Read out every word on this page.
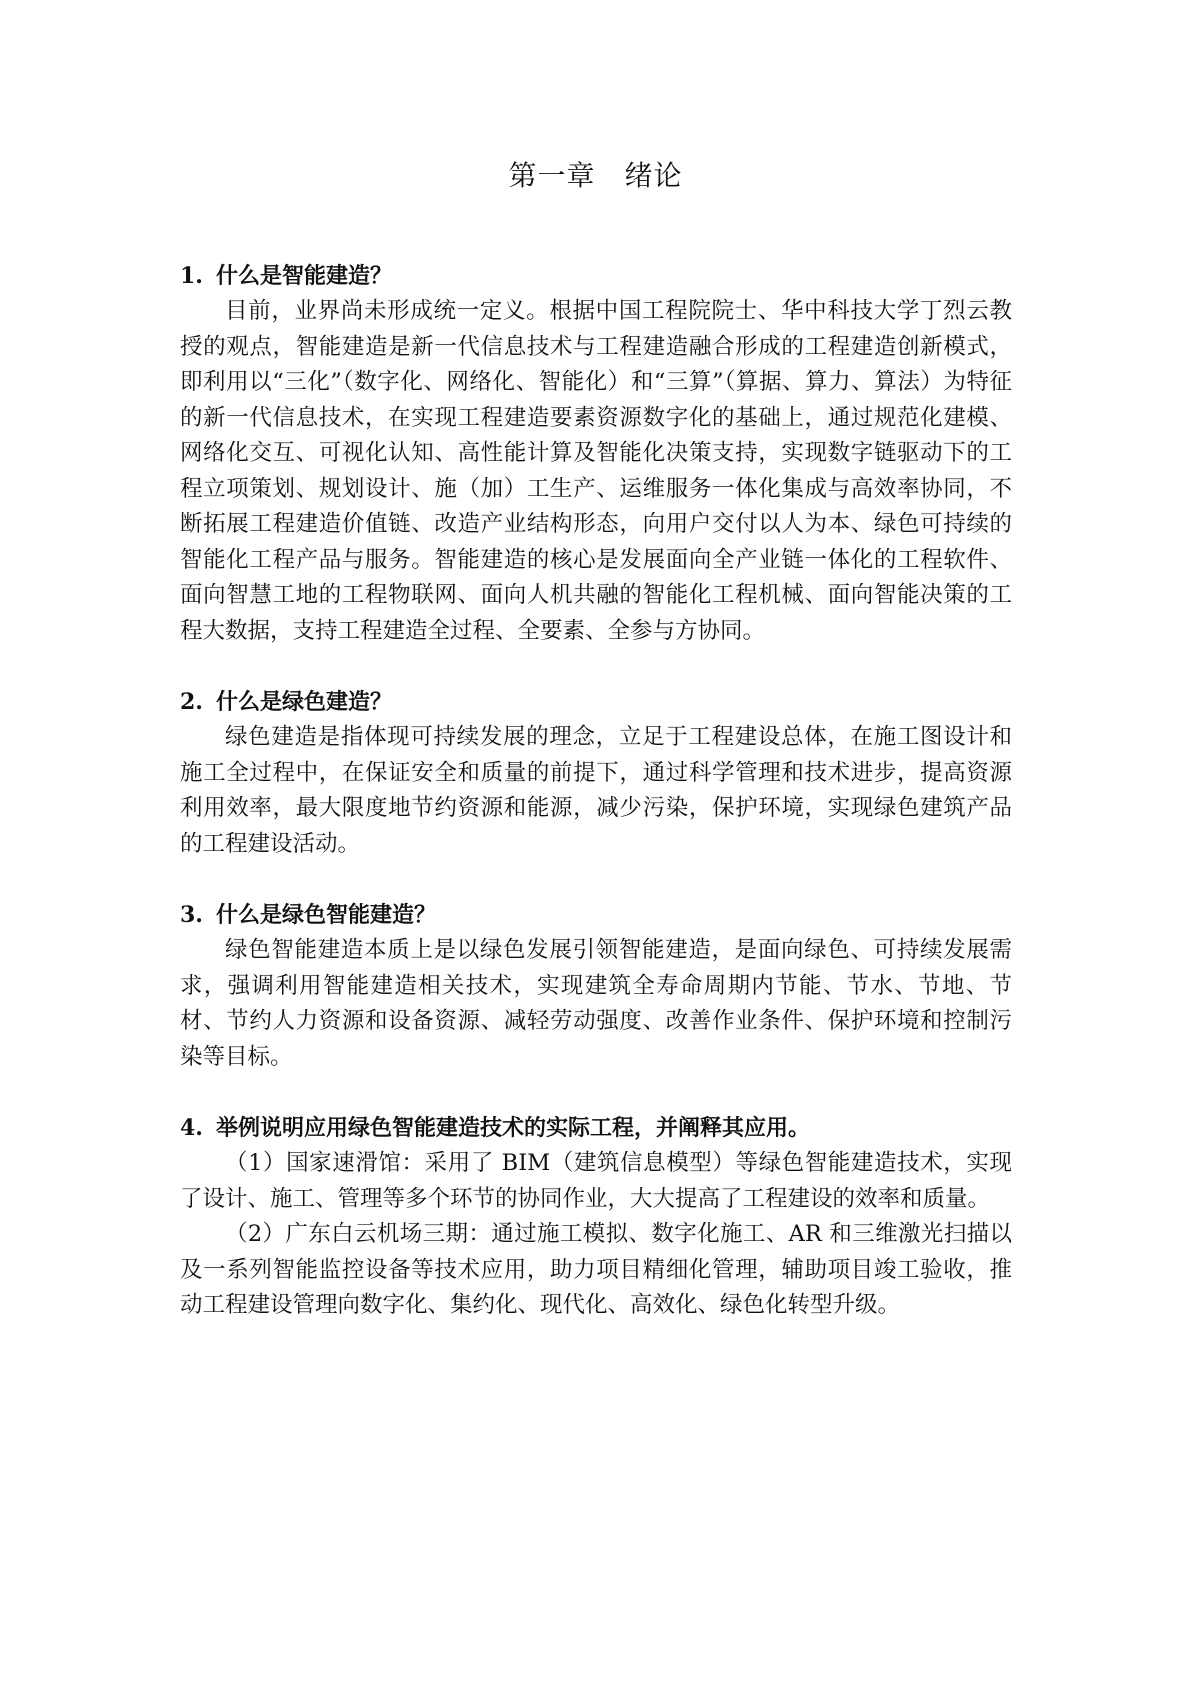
第一章　绪论

1. 什么是智能建造？

目前，业界尚未形成统一定义。根据中国工程院院士、华中科技大学丁烈云教授的观点，智能建造是新一代信息技术与工程建造融合形成的工程建造创新模式，即利用以“三化”（数字化、网络化、智能化）和“三算”（算据、算力、算法）为特征的新一代信息技术，在实现工程建造要素资源数字化的基础上，通过规范化建模、网络化交互、可视化认知、高性能计算及智能化决策支持，实现数字链驱动下的工程立项策划、规划设计、施（加）工生产、运维服务一体化集成与高效率协同，不断拓展工程建造价值链、改造产业结构形态，向用户交付以人为本、绿色可持续的智能化工程产品与服务。智能建造的核心是发展面向全产业链一体化的工程软件、面向智慧工地的工程物联网、面向人机共融的智能化工程机械、面向智能决策的工程大数据，支持工程建造全过程、全要素、全参与方协同。

2. 什么是绿色建造？

绿色建造是指体现可持续发展的理念，立足于工程建设总体，在施工图设计和施工全过程中，在保证安全和质量的前提下，通过科学管理和技术进步，提高资源利用效率，最大限度地节约资源和能源，减少污染，保护环境，实现绿色建筑产品的工程建设活动。

3. 什么是绿色智能建造？

绿色智能建造本质上是以绿色发展引领智能建造，是面向绿色、可持续发展需求，强调利用智能建造相关技术，实现建筑全寿命周期内节能、节水、节地、节材、节约人力资源和设备资源、减轻劳动强度、改善作业条件、保护环境和控制污染等目标。

4. 举例说明应用绿色智能建造技术的实际工程，并阐释其应用。

（1）国家速滑馆：采用了 BIM（建筑信息模型）等绿色智能建造技术，实现了设计、施工、管理等多个环节的协同作业，大大提高了工程建设的效率和质量。

（2）广东白云机场三期：通过施工模拟、数字化施工、AR 和三维激光扫描以及一系列智能监控设备等技术应用，助力项目精细化管理，辅助项目竣工验收，推动工程建设管理向数字化、集约化、现代化、高效化、绿色化转型升级。
